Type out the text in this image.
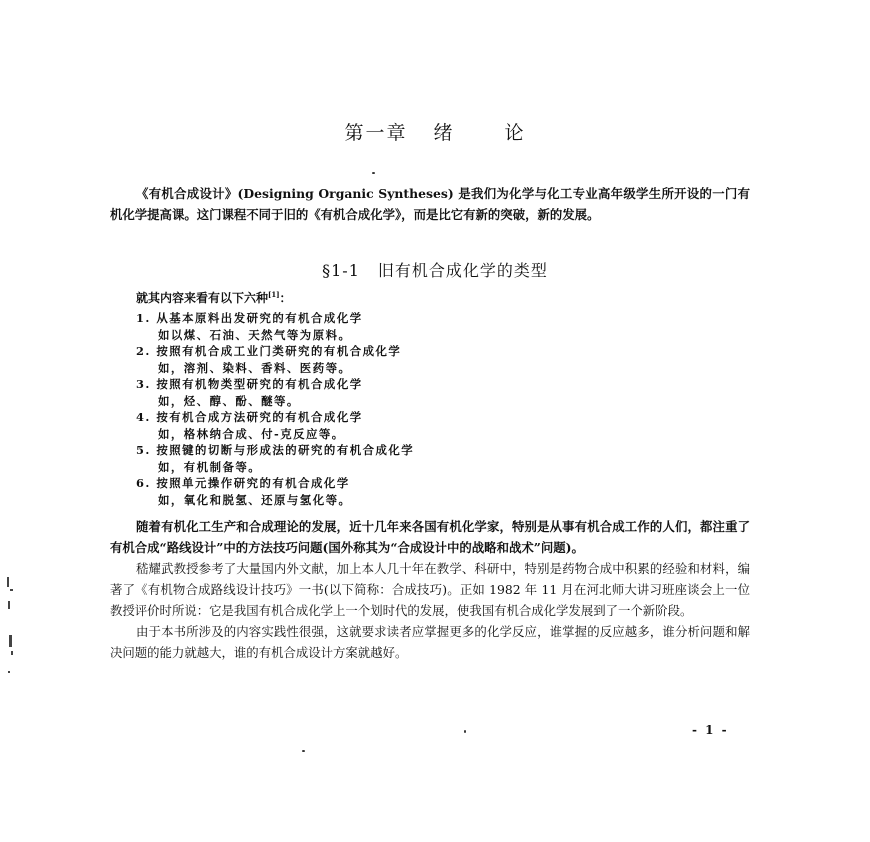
第一章 绪	论
《有机合成设计》(Designing Organic Syntheses) 是我们为化学与化工专业高年级学生所开设的一门有机化学提高课。这门课程不同于旧的《有机合成化学》，而是比它有新的突破，新的发展。
§1-1 旧有机合成化学的类型
就其内容来看有以下六种[1]：
1. 从基本原料出发研究的有机合成化学
如以煤、石油、天然气等为原料。
2. 按照有机合成工业门类研究的有机合成化学
如，溶剂、染料、香料、医药等。
3. 按照有机物类型研究的有机合成化学
如，烃、醇、酚、醚等。
4. 按有机合成方法研究的有机合成化学
如，格林纳合成、付-克反应等。
5. 按照键的切断与形成法的研究的有机合成化学
如，有机制备等。
6. 按照单元操作研究的有机合成化学
如，氧化和脱氢、还原与氢化等。

随着有机化工生产和合成理论的发展，近十几年来各国有机化学家，特别是从事有机合成工作的人们，都注重了有机合成“路线设计”中的方法技巧问题(国外称其为“合成设计中的战略和战术”问题)。

嵇耀武教授参考了大量国内外文献，加上本人几十年在教学、科研中，特别是药物合成中积累的经验和材料，编著了《有机物合成路线设计技巧》一书(以下简称：合成技巧)。正如 1982 年 11 月在河北师大讲习班座谈会上一位教授评价时所说：它是我国有机合成化学上一个划时代的发展，使我国有机合成化学发展到了一个新阶段。

由于本书所涉及的内容实践性很强，这就要求读者应掌握更多的化学反应，谁掌握的反应越多，谁分析问题和解决问题的能力就越大，谁的有机合成设计方案就越好。

- 1 -
